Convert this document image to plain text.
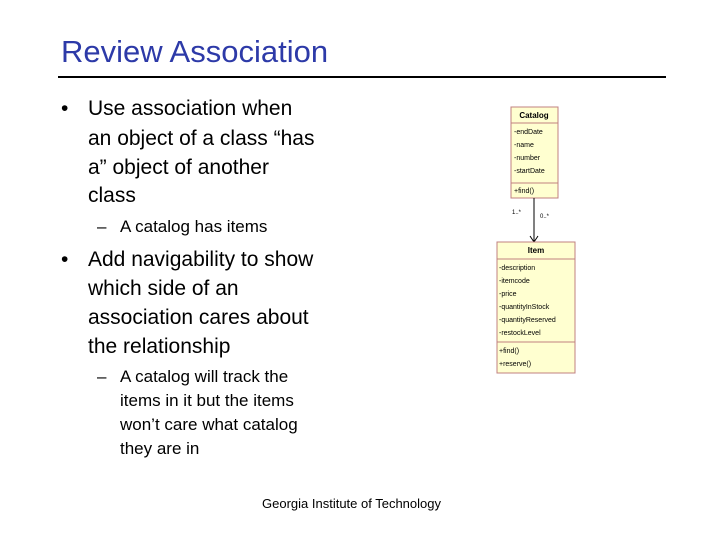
Review Association
• Use association when
an object of a class “has
a” object of another
class
– A catalog has items
• Add navigability to show
which side of an
association cares about
the relationship
– A catalog will track the
items in it but the items
won’t care what catalog
they are in
Catalog
-endDate
-name
-number
-startDate
+find()
1..*
0..*
Item
-description
-itemcode
-price
-quantityInStock
-quantityReserved
-restockLevel
+find()
+reserve()
Georgia Institute of Technology
